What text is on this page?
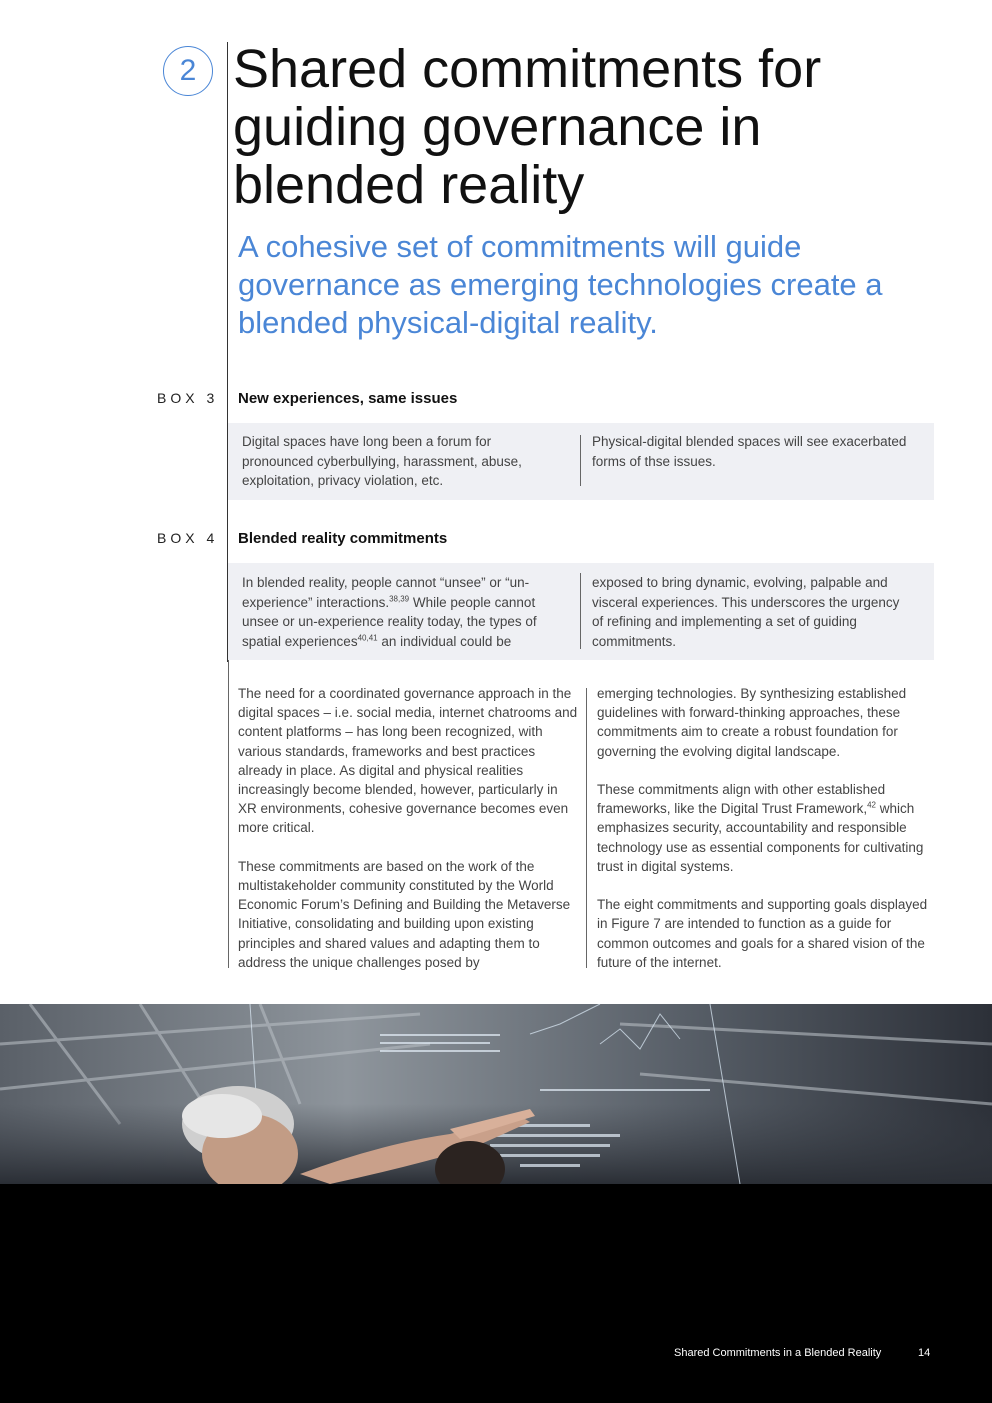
2 Shared commitments for guiding governance in blended reality

A cohesive set of commitments will guide governance as emerging technologies create a blended physical-digital reality.

BOX 3 New experiences, same issues
Digital spaces have long been a forum for pronounced cyberbullying, harassment, abuse, exploitation, privacy violation, etc.
Physical-digital blended spaces will see exacerbated forms of thse issues.
BOX 4 Blended reality commitments
In blended reality, people cannot “unsee” or “un-experience” interactions.$^{38,39}$ While people cannot unsee or un-experience reality today, the types of spatial experiences$^{40,41}$ an individual could be
exposed to bring dynamic, evolving, palpable and visceral experiences. This underscores the urgency of refining and implementing a set of guiding commitments.

The need for a coordinated governance approach in the digital spaces – i.e. social media, internet chatrooms and content platforms – has long been recognized, with various standards, frameworks and best practices already in place. As digital and physical realities increasingly become blended, however, particularly in XR environments, cohesive governance becomes even more critical.

These commitments are based on the work of the multistakeholder community constituted by the World Economic Forum’s Defining and Building the Metaverse Initiative, consolidating and building upon existing principles and shared values and adapting them to address the unique challenges posed by

emerging technologies. By synthesizing established guidelines with forward-thinking approaches, these commitments aim to create a robust foundation for governing the evolving digital landscape.

These commitments align with other established frameworks, like the Digital Trust Framework,$^{42}$ which emphasizes security, accountability and responsible technology use as essential components for cultivating trust in digital systems.

The eight commitments and supporting goals displayed in Figure 7 are intended to function as a guide for common outcomes and goals for a shared vision of the future of the internet.

Shared Commitments in a Blended Reality	14
